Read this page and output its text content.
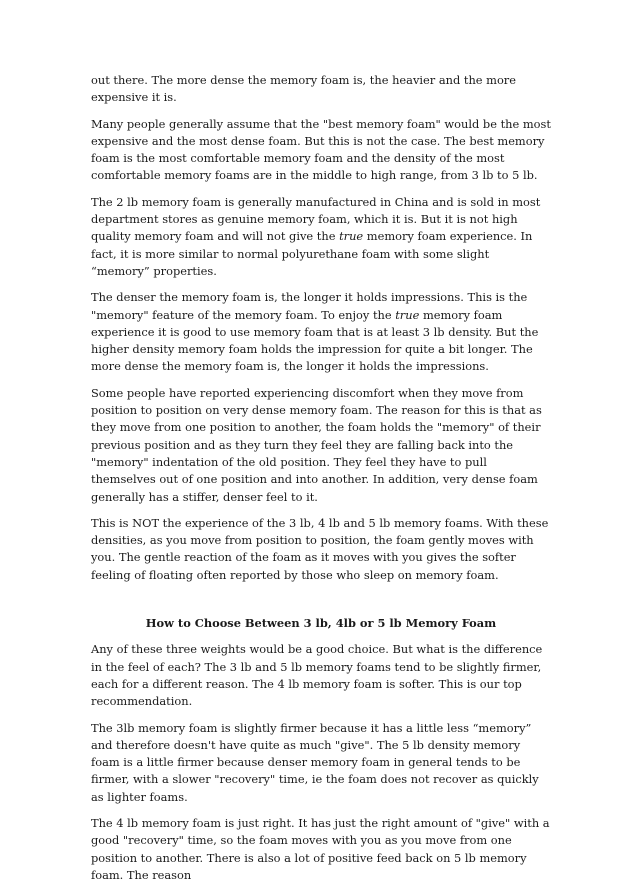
out there. The more dense the memory foam is, the heavier and the more expensive it is.

Many people generally assume that the "best memory foam" would be the most expensive and the most dense foam. But this is not the case. The best memory foam is the most comfortable memory foam and the density of the most comfortable memory foams are in the middle to high range, from 3 lb to 5 lb.

The 2 lb memory foam is generally manufactured in China and is sold in most department stores as genuine memory foam, which it is. But it is not high quality memory foam and will not give the true memory foam experience. In fact, it is more similar to normal polyurethane foam with some slight “memory” properties.

The denser the memory foam is, the longer it holds impressions. This is the "memory" feature of the memory foam. To enjoy the true memory foam experience it is good to use memory foam that is at least 3 lb density. But the higher density memory foam holds the impression for quite a bit longer. The more dense the memory foam is, the longer it holds the impressions.

Some people have reported experiencing discomfort when they move from position to position on very dense memory foam. The reason for this is that as they move from one position to another, the foam holds the "memory" of their previous position and as they turn they feel they are falling back into the "memory" indentation of the old position. They feel they have to pull themselves out of one position and into another. In addition, very dense foam generally has a stiffer, denser feel to it.

This is NOT the experience of the 3 lb, 4 lb and 5 lb memory foams. With these densities, as you move from position to position, the foam gently moves with you. The gentle reaction of the foam as it moves with you gives the softer feeling of floating often reported by those who sleep on memory foam.

How to Choose Between 3 lb, 4lb or 5 lb Memory Foam

Any of these three weights would be a good choice. But what is the difference in the feel of each? The 3 lb and 5 lb memory foams tend to be slightly firmer, each for a different reason. The 4 lb memory foam is softer. This is our top recommendation.

The 3lb memory foam is slightly firmer because it has a little less “memory” and therefore doesn't have quite as much "give". The 5 lb density memory foam is a little firmer because denser memory foam in general tends to be firmer, with a slower "recovery" time, ie the foam does not recover as quickly as lighter foams.

The 4 lb memory foam is just right. It has just the right amount of "give" with a good "recovery" time, so the foam moves with you as you move from one position to another. There is also a lot of positive feed back on 5 lb memory foam. The reason
